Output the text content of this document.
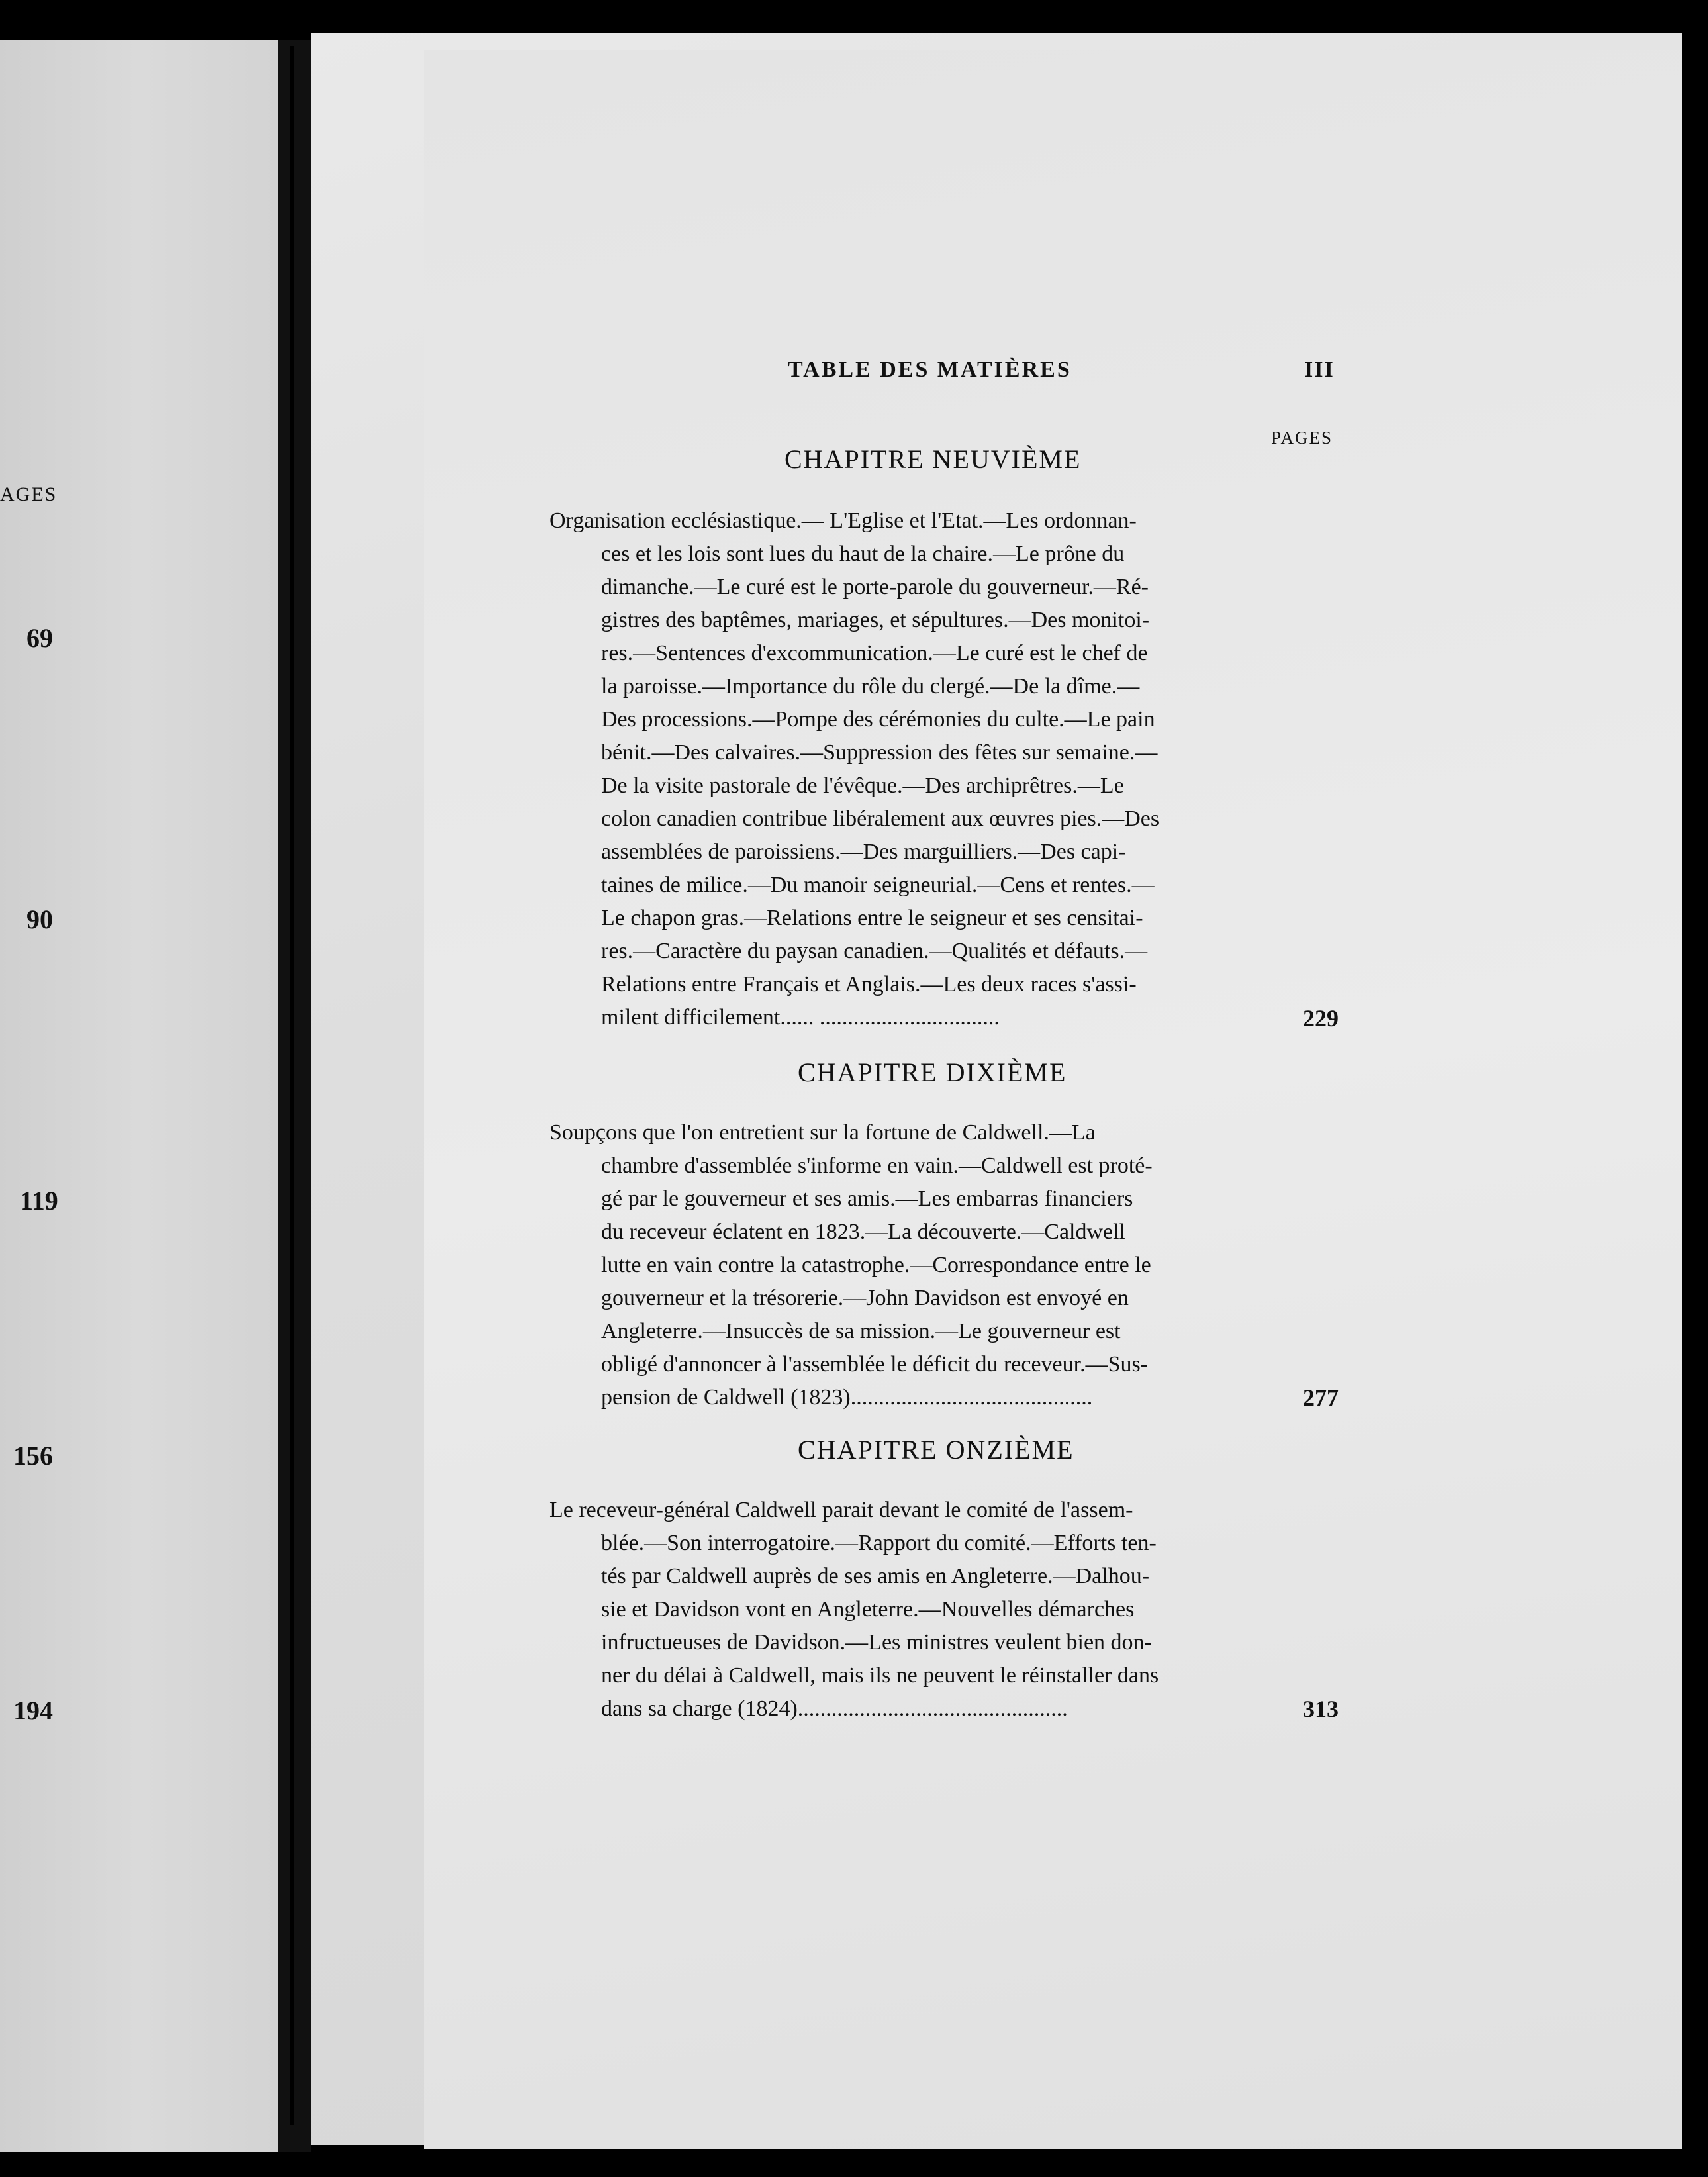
AGES
69
90
119
156
194
TABLE DES MATIÈRES	III
PAGES
CHAPITRE NEUVIÈME
Organisation ecclésiastique.— L'Eglise et l'Etat.—Les ordonnan-
ces et les lois sont lues du haut de la chaire.—Le prône du
dimanche.—Le curé est le porte-parole du gouverneur.—Ré-
gistres des baptêmes, mariages, et sépultures.—Des monitoi-
res.—Sentences d'excommunication.—Le curé est le chef de
la paroisse.—Importance du rôle du clergé.—De la dîme.—
Des processions.—Pompe des cérémonies du culte.—Le pain
bénit.—Des calvaires.—Suppression des fêtes sur semaine.—
De la visite pastorale de l'évêque.—Des archiprêtres.—Le
colon canadien contribue libéralement aux œuvres pies.—Des
assemblées de paroissiens.—Des marguilliers.—Des capi-
taines de milice.—Du manoir seigneurial.—Cens et rentes.—
Le chapon gras.—Relations entre le seigneur et ses censitai-
res.—Caractère du paysan canadien.—Qualités et défauts.—
Relations entre Français et Anglais.—Les deux races s'assi-
milent difficilement...... ................................	229
CHAPITRE DIXIÈME
Soupçons que l'on entretient sur la fortune de Caldwell.—La
chambre d'assemblée s'informe en vain.—Caldwell est proté-
gé par le gouverneur et ses amis.—Les embarras financiers
du receveur éclatent en 1823.—La découverte.—Caldwell
lutte en vain contre la catastrophe.—Correspondance entre le
gouverneur et la trésorerie.—John Davidson est envoyé en
Angleterre.—Insuccès de sa mission.—Le gouverneur est
obligé d'annoncer à l'assemblée le déficit du receveur.—Sus-
pension de Caldwell (1823)...........................................	277
CHAPITRE ONZIÈME
Le receveur-général Caldwell parait devant le comité de l'assem-
blée.—Son interrogatoire.—Rapport du comité.—Efforts ten-
tés par Caldwell auprès de ses amis en Angleterre.—Dalhou-
sie et Davidson vont en Angleterre.—Nouvelles démarches
infructueuses de Davidson.—Les ministres veulent bien don-
ner du délai à Caldwell, mais ils ne peuvent le réinstaller dans
dans sa charge (1824)................................................	313
